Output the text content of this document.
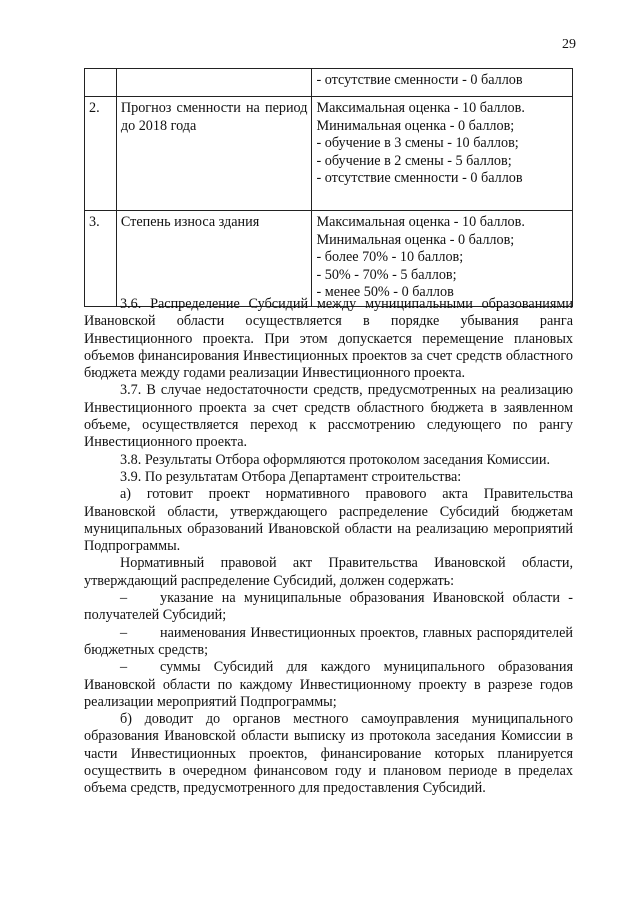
29

		- отсутствие сменности - 0 баллов

2.	Прогноз сменности на период до 2018 года	Максимальная оценка - 10 баллов.
Минимальная оценка - 0 баллов;
- обучение в 3 смены - 10 баллов;
- обучение в 2 смены - 5 баллов;
- отсутствие сменности - 0 баллов

3.	Степень износа здания	Максимальная оценка - 10 баллов.
Минимальная оценка - 0 баллов;
- более 70% - 10 баллов;
- 50% - 70% - 5 баллов;
- менее 50% - 0 баллов

3.6. Распределение Субсидий между муниципальными образованиями Ивановской области осуществляется в порядке убывания ранга Инвестиционного проекта. При этом допускается перемещение плановых объемов финансирования Инвестиционных проектов за счет средств областного бюджета между годами реализации Инвестиционного проекта.

3.7. В случае недостаточности средств, предусмотренных на реализацию Инвестиционного проекта за счет средств областного бюджета в заявленном объеме, осуществляется переход к рассмотрению следующего по рангу Инвестиционного проекта.

3.8. Результаты Отбора оформляются протоколом заседания Комиссии.

3.9. По результатам Отбора Департамент строительства:

а) готовит проект нормативного правового акта Правительства Ивановской области, утверждающего распределение Субсидий бюджетам муниципальных образований Ивановской области на реализацию мероприятий Подпрограммы.

Нормативный правовой акт Правительства Ивановской области, утверждающий распределение Субсидий, должен содержать:

– указание на муниципальные образования Ивановской области - получателей Субсидий;

– наименования Инвестиционных проектов, главных распорядителей бюджетных средств;

– суммы Субсидий для каждого муниципального образования Ивановской области по каждому Инвестиционному проекту в разрезе годов реализации мероприятий Подпрограммы;

б) доводит до органов местного самоуправления муниципального образования Ивановской области выписку из протокола заседания Комиссии в части Инвестиционных проектов, финансирование которых планируется осуществить в очередном финансовом году и плановом периоде в пределах объема средств, предусмотренного для предоставления Субсидий.
